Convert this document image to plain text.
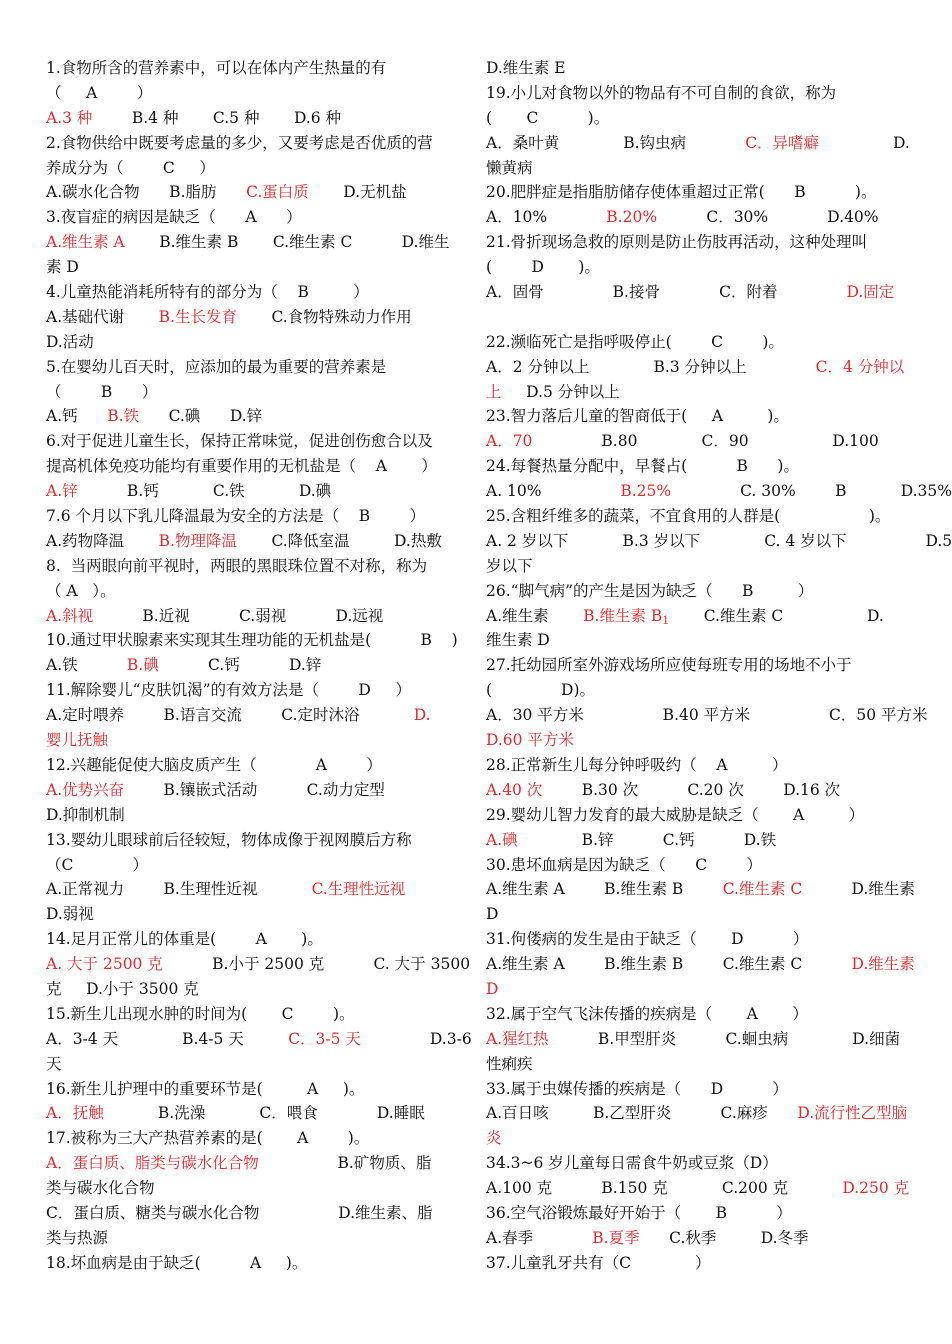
1.食物所含的营养素中，可以在体内产生热量的有
（     A        ）
A.3 种        B.4 种       C.5 种       D.6 种
2.食物供给中既要考虑量的多少，又要考虑是否优质的营
养成分为（        C     ）
A.碳水化合物      B.脂肪      C.蛋白质       D.无机盐
3.夜盲症的病因是缺乏（      A      ）
A.维生素 A       B.维生素 B       C.维生素 C          D.维生
素 D
4.儿童热能消耗所特有的部分为（    B         ）
A.基础代谢       B.生长发育       C.食物特殊动力作用
D.活动
5.在婴幼儿百天时，应添加的最为重要的营养素是
（        B      ）
A.钙      B.铁      C.碘      D.锌
6.对于促进儿童生长，保持正常味觉，促进创伤愈合以及
提高机体免疫功能均有重要作用的无机盐是（    A       ）
A.锌          B.钙           C.铁           D.碘
7.6 个月以下乳儿降温最为安全的方法是（    B        ）
A.药物降温       B.物理降温       C.降低室温         D.热敷
8.  当两眼向前平视时，两眼的黑眼珠位置不对称，称为
（ A   ）。
A.斜视          B.近视          C.弱视          D.远视
10.通过甲状腺素来实现其生理功能的无机盐是(          B    )
A.铁          B.碘          C.钙          D.锌
11.解除婴儿“皮肤饥渴”的有效方法是（        D     ）
A.定时喂养        B.语言交流        C.定时沐浴           D.
婴儿抚触
12.兴趣能促使大脑皮质产生（            A        ）
A.优势兴奋        B.镶嵌式活动          C.动力定型
D.抑制机制
13.婴幼儿眼球前后径较短，物体成像于视网膜后方称
（C            ）
A.正常视力        B.生理性近视           C.生理性远视
D.弱视
14.足月正常儿的体重是(        A       )。
A. 大于 2500 克          B.小于 2500 克          C. 大于 3500
克     D.小于 3500 克
15.新生儿出现水肿的时间为(       C        )。
A．3-4 天             B.4-5 天         C．3-5 天              D.3-6
天
16.新生儿护理中的重要环节是(         A     )。
A．抚触           B.洗澡           C．喂食            D.睡眠
17.被称为三大产热营养素的是(       A        )。
A．蛋白质、脂类与碳水化合物                B.矿物质、脂
类与碳水化合物
C．蛋白质、糖类与碳水化合物                D.维生素、脂
类与热源
18.坏血病是由于缺乏(          A     )。
D.维生素 E
19.小儿对食物以外的物品有不可自制的食欲，称为
(       C          )。
A．桑叶黄             B.钩虫病            C．异嗜癖               D.
懒黄病
20.肥胖症是指脂肪储存使体重超过正常(      B          )。
A．10%            B.20%          C．30%            D.40%
21.骨折现场急救的原则是防止伤肢再活动，这种处理叫
(        D       )。
A．固骨              B.接骨            C．附着              D.固定
22.濒临死亡是指呼吸停止(        C        )。
A．2 分钟以上             B.3 分钟以上              C．4 分钟以
上     D.5 分钟以上
23.智力落后儿童的智商低于(     A         )。
A．70              B.80             C．90                 D.100
24.每餐热量分配中，早餐占(          B      )。
A. 10%                B.25%              C. 30%        B           D.35%
25.含粗纤维多的蔬菜，不宜食用的人群是(                  )。
A. 2 岁以下           B.3 岁以下             C. 4 岁以下                D.5
岁以下
26.“脚气病”的产生是因为缺乏（      B         ）
A.维生素       B.维生素 $B_1$       C.维生素 C                 D.
维生素 D
27.托幼园所室外游戏场所应使每班专用的场地不小于
(              D)。
A．30 平方米                B.40 平方米                C．50 平方米
D.60 平方米
28.正常新生儿每分钟呼吸约（    A         ）
A.40 次        B.30 次          C.20 次        D.16 次
29.婴幼儿智力发育的最大威胁是缺乏（       A         ）
A.碘             B.锌          C.钙          D.铁
30.患坏血病是因为缺乏（      C        ）
A.维生素 A        B.维生素 B        C.维生素 C          D.维生素
D
31.佝偻病的发生是由于缺乏（       D          ）
A.维生素 A        B.维生素 B        C.维生素 C          D.维生素
D
32.属于空气飞沫传播的疾病是（       A       ）
A.猩红热          B.甲型肝炎          C.蛔虫病             D.细菌
性痢疾
33.属于虫媒传播的疾病是（      D          ）
A.百日咳         B.乙型肝炎          C.麻疹      D.流行性乙型脑
炎
34.3~6 岁儿童每日需食牛奶或豆浆（D）
A.100 克          B.150 克           C.200 克           D.250 克
36.空气浴锻炼最好开始于（       B          ）
A.春季            B.夏季      C.秋季         D.冬季
37.儿童乳牙共有（C             ）
